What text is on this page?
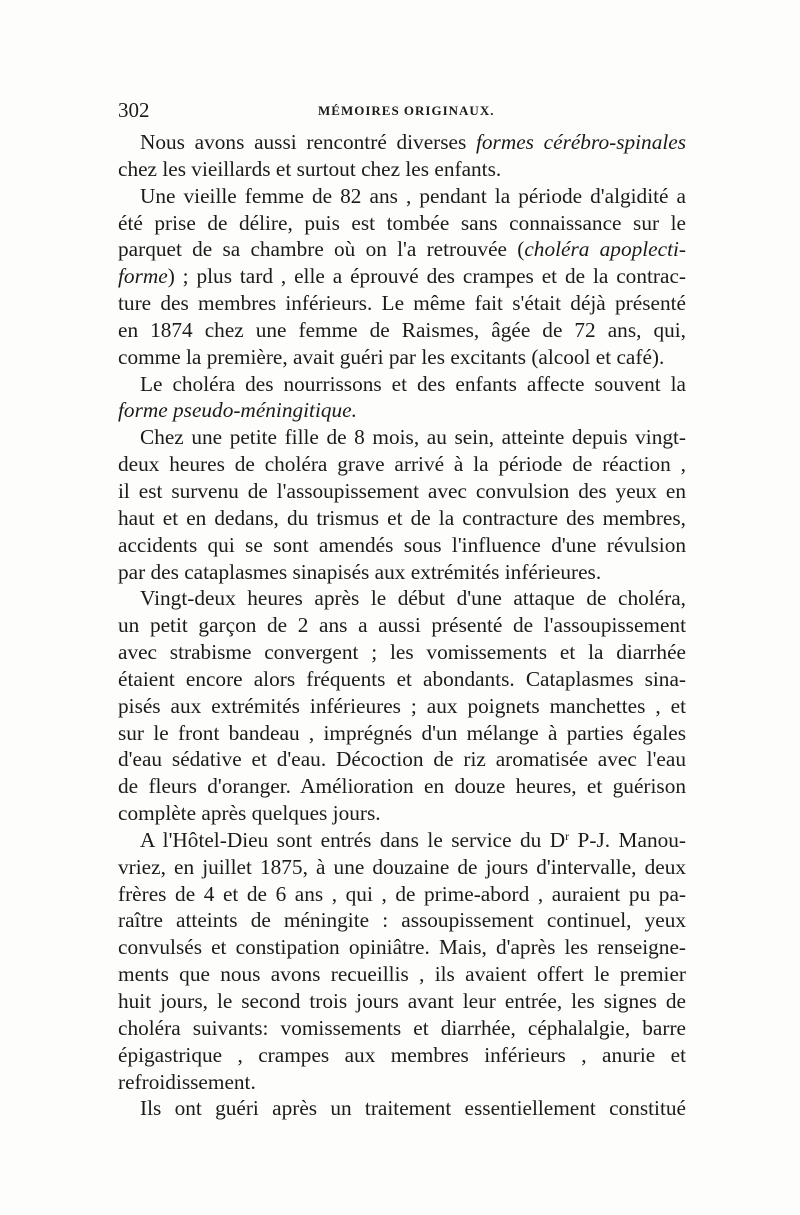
302	MÉMOIRES ORIGINAUX.
Nous avons aussi rencontré diverses formes cérébro-spinales
chez les vieillards et surtout chez les enfants.
Une vieille femme de 82 ans , pendant la période d'algidité a
été prise de délire, puis est tombée sans connaissance sur le
parquet de sa chambre où on l'a retrouvée (choléra apoplecti-
forme) ; plus tard , elle a éprouvé des crampes et de la contrac-
ture des membres inférieurs. Le même fait s'était déjà présenté
en 1874 chez une femme de Raismes, âgée de 72 ans, qui,
comme la première, avait guéri par les excitants (alcool et café).
Le choléra des nourrissons et des enfants affecte souvent la
forme pseudo-méningitique.
Chez une petite fille de 8 mois, au sein, atteinte depuis vingt-
deux heures de choléra grave arrivé à la période de réaction ,
il est survenu de l'assoupissement avec convulsion des yeux en
haut et en dedans, du trismus et de la contracture des membres,
accidents qui se sont amendés sous l'influence d'une révulsion
par des cataplasmes sinapisés aux extrémités inférieures.
Vingt-deux heures après le début d'une attaque de choléra,
un petit garçon de 2 ans a aussi présenté de l'assoupissement
avec strabisme convergent ; les vomissements et la diarrhée
étaient encore alors fréquents et abondants. Cataplasmes sina-
pisés aux extrémités inférieures ; aux poignets manchettes , et
sur le front bandeau , imprégnés d'un mélange à parties égales
d'eau sédative et d'eau. Décoction de riz aromatisée avec l'eau
de fleurs d'oranger. Amélioration en douze heures, et guérison
complète après quelques jours.
A l'Hôtel-Dieu sont entrés dans le service du $D^r$ P-J. Manou-
vriez, en juillet 1875, à une douzaine de jours d'intervalle, deux
frères de 4 et de 6 ans , qui , de prime-abord , auraient pu pa-
raître atteints de méningite : assoupissement continuel, yeux
convulsés et constipation opiniâtre. Mais, d'après les renseigne-
ments que nous avons recueillis , ils avaient offert le premier
huit jours, le second trois jours avant leur entrée, les signes de
choléra suivants: vomissements et diarrhée, céphalalgie, barre
épigastrique , crampes aux membres inférieurs , anurie et
refroidissement.
Ils ont guéri après un traitement essentiellement constitué
